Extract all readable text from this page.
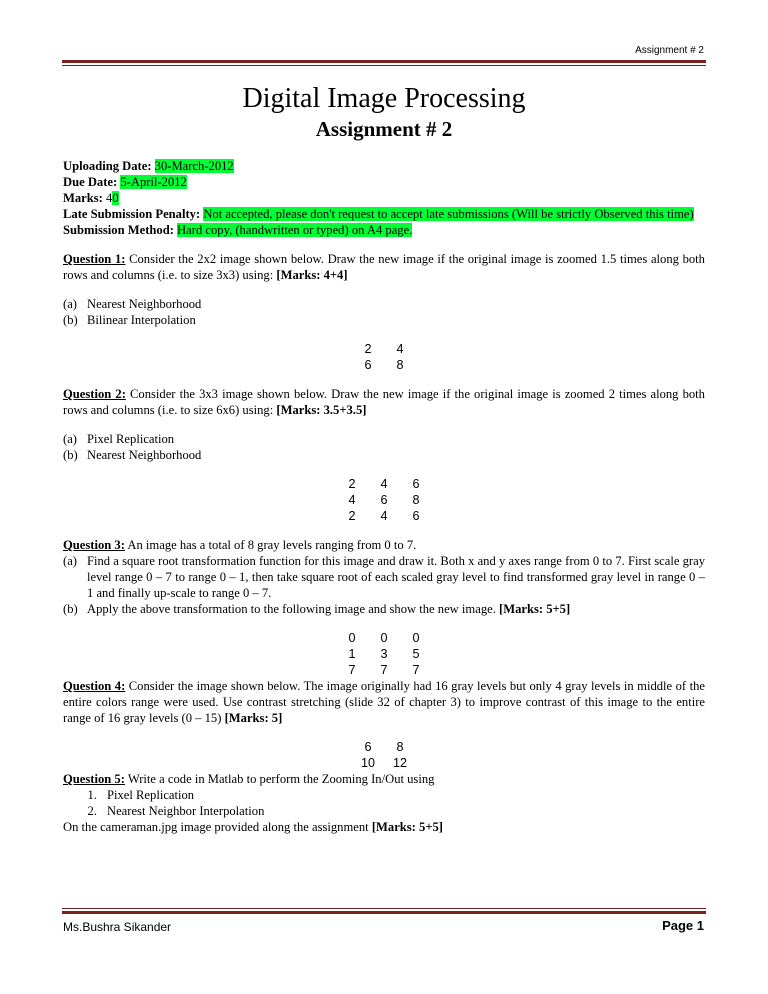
Assignment # 2
Digital Image Processing
Assignment # 2

Uploading Date: 30-March-2012

Due Date: 5-April-2012

Marks: 40

Late Submission Penalty: Not accepted, please don't request to accept late submissions (Will be strictly Observed this time)

Submission Method: Hard copy, (handwritten or typed) on A4 page.

Question 1: Consider the 2x2 image shown below. Draw the new image if the original image is zoomed 1.5 times along both rows and columns (i.e. to size 3x3) using: [Marks: 4+4]

(a) Nearest Neighborhood
(b) Bilinear Interpolation
2	4
6	8

Question 2: Consider the 3x3 image shown below. Draw the new image if the original image is zoomed 2 times along both rows and columns (i.e. to size 6x6) using: [Marks: 3.5+3.5]

(a) Pixel Replication
(b) Nearest Neighborhood
2	4	6
4	6	8
2	4	6

Question 3: An image has a total of 8 gray levels ranging from 0 to 7.

(a) Find a square root transformation function for this image and draw it. Both x and y axes range from 0 to 7. First scale gray level range 0 – 7 to range 0 – 1, then take square root of each scaled gray level to find transformed gray level in range 0 – 1 and finally up-scale to range 0 – 7.
(b) Apply the above transformation to the following image and show the new image. [Marks: 5+5]
0	0	0
1	3	5
7	7	7

Question 4: Consider the image shown below. The image originally had 16 gray levels but only 4 gray levels in middle of the entire colors range were used. Use contrast stretching (slide 32 of chapter 3) to improve contrast of this image to the entire range of 16 gray levels (0 – 15) [Marks: 5]

6	8
10	12

Question 5: Write a code in Matlab to perform the Zooming In/Out using

1. Pixel Replication
2. Nearest Neighbor Interpolation

On the cameraman.jpg image provided along the assignment [Marks: 5+5]

Ms.Bushra Sikander	Page 1
